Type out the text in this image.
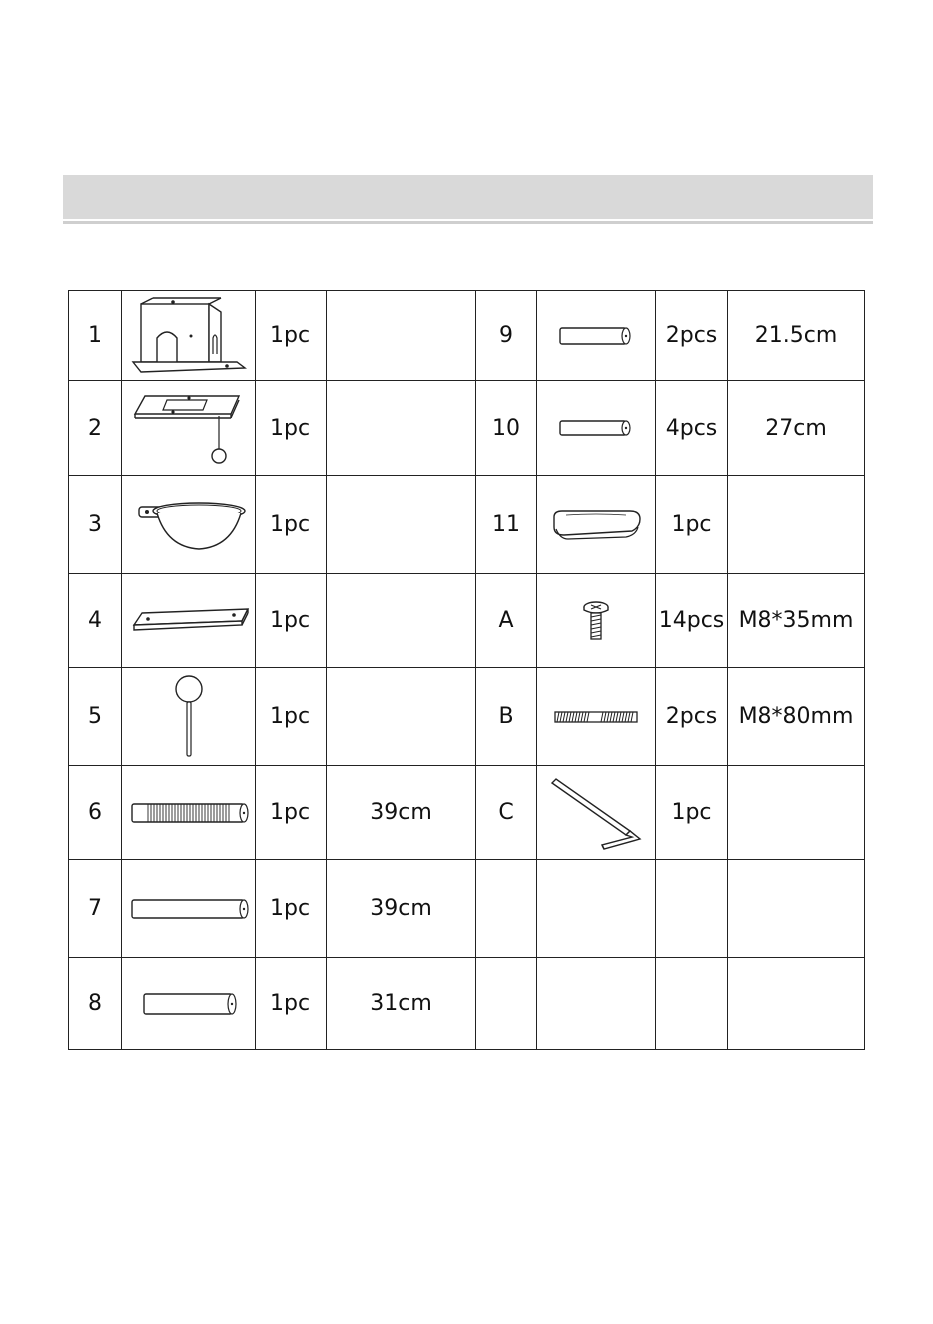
1		1pc		9		2pcs	21.5cm
2		1pc		10		4pcs	27cm
3		1pc		11		1pc	
4		1pc		A		14pcs	M8*35mm
5		1pc		B		2pcs	M8*80mm
6		1pc	39cm	C		1pc	
7		1pc	39cm				
8		1pc	31cm				
